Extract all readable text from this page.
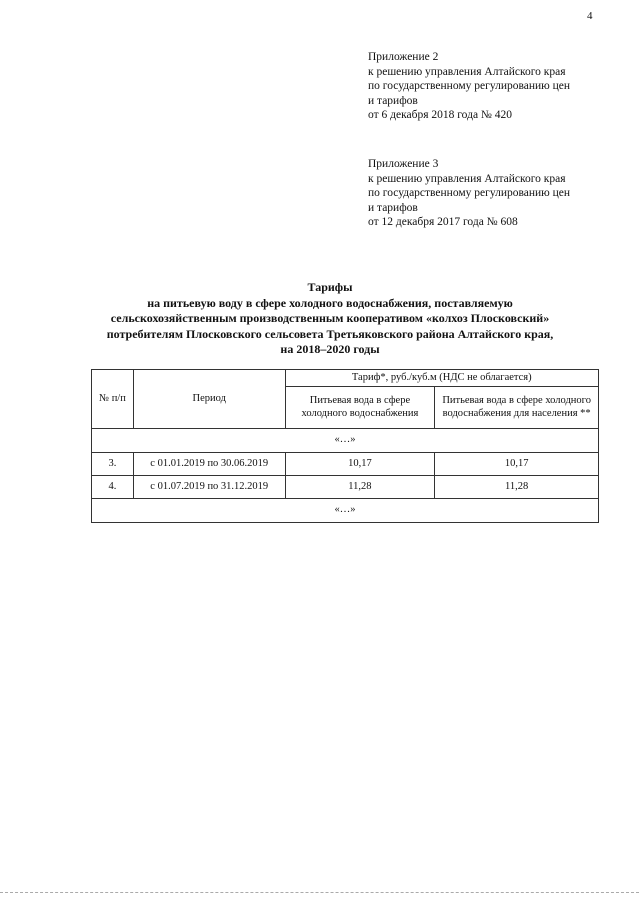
4
Приложение 2
к решению управления Алтайского края
по государственному регулированию цен
и тарифов
от 6 декабря 2018 года № 420
Приложение 3
к решению управления Алтайского края
по государственному регулированию цен
и тарифов
от 12 декабря 2017 года № 608
Тарифы
на питьевую воду в сфере холодного водоснабжения, поставляемую
сельскохозяйственным производственным кооперативом «колхоз Плосковский»
потребителям Плосковского сельсовета Третьяковского района Алтайского края,
на 2018–2020 годы
№ п/п	Период	Тариф*, руб./куб.м (НДС не облагается)	
		Питьевая вода в сфере холодного водоснабжения	Питьевая вода в сфере холодного водоснабжения для населения **
«…»			
3.	с 01.01.2019 по 30.06.2019	10,17	10,17
4.	с 01.07.2019 по 31.12.2019	11,28	11,28
«…»			
